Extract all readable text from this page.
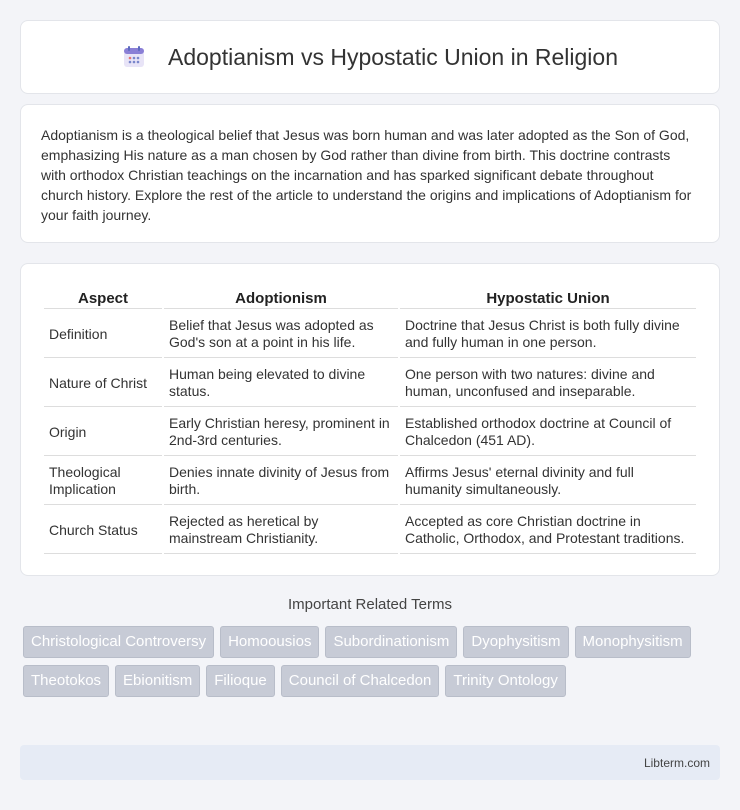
Adoptianism vs Hypostatic Union in Religion

Adoptianism is a theological belief that Jesus was born human and was later adopted as the Son of God, emphasizing His nature as a man chosen by God rather than divine from birth. This doctrine contrasts with orthodox Christian teachings on the incarnation and has sparked significant debate throughout church history. Explore the rest of the article to understand the origins and implications of Adoptianism for your faith journey.

Aspect	Adoptionism	Hypostatic Union
Definition	Belief that Jesus was adopted as God's son at a point in his life.	Doctrine that Jesus Christ is both fully divine and fully human in one person.
Nature of Christ	Human being elevated to divine status.	One person with two natures: divine and human, unconfused and inseparable.
Origin	Early Christian heresy, prominent in 2nd-3rd centuries.	Established orthodox doctrine at Council of Chalcedon (451 AD).
Theological Implication	Denies innate divinity of Jesus from birth.	Affirms Jesus' eternal divinity and full humanity simultaneously.
Church Status	Rejected as heretical by mainstream Christianity.	Accepted as core Christian doctrine in Catholic, Orthodox, and Protestant traditions.
Important Related Terms
Christological Controversy	Homoousios	Subordinationism	Dyophysitism	Monophysitism
Theotokos	Ebionitism	Filioque	Council of Chalcedon	Trinity Ontology
Libterm.com
